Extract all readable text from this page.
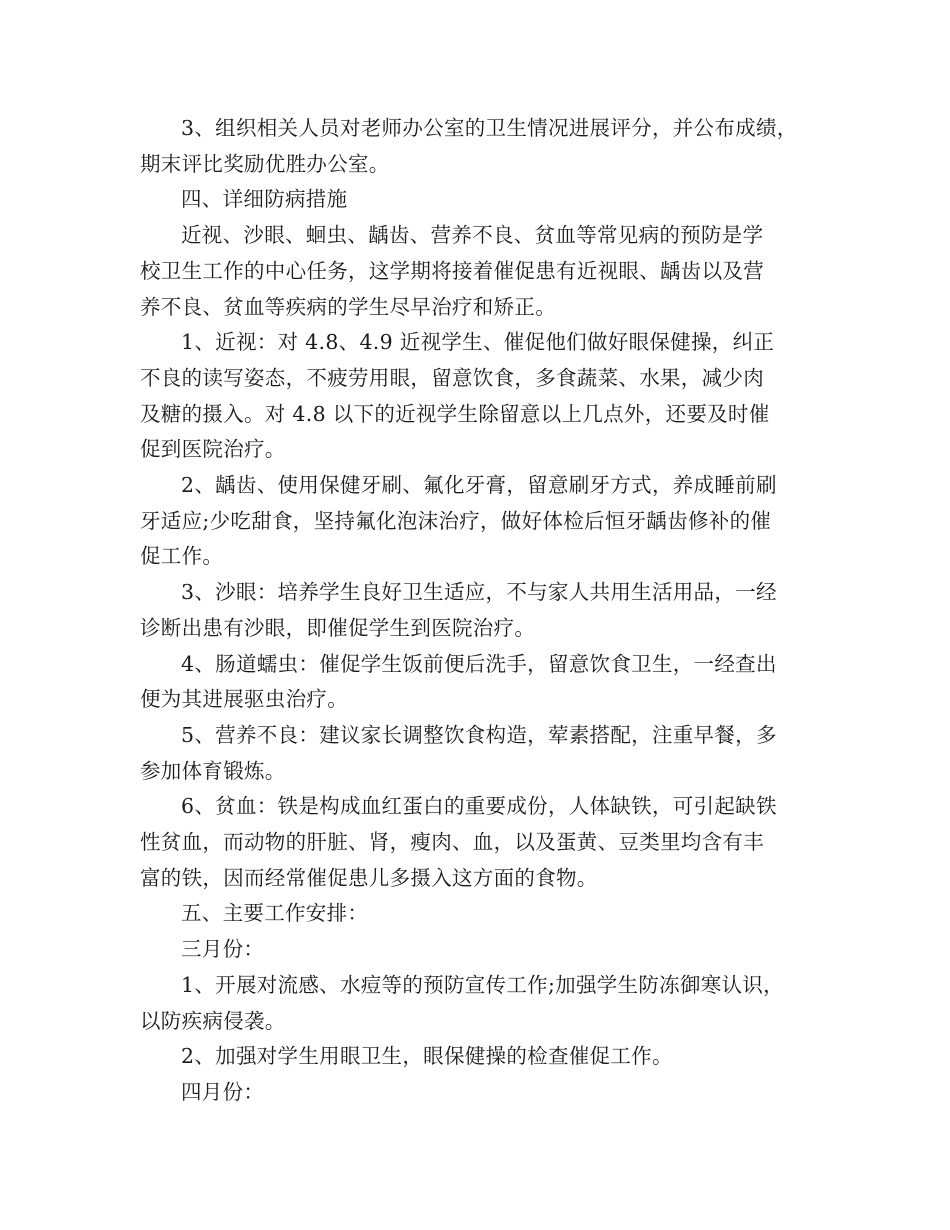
3、组织相关人员对老师办公室的卫生情况进展评分，并公布成绩，
期末评比奖励优胜办公室。

四、详细防病措施

近视、沙眼、蛔虫、龋齿、营养不良、贫血等常见病的预防是学
校卫生工作的中心任务，这学期将接着催促患有近视眼、龋齿以及营
养不良、贫血等疾病的学生尽早治疗和矫正。

1、近视：对 4.8、4.9 近视学生、催促他们做好眼保健操，纠正
不良的读写姿态，不疲劳用眼，留意饮食，多食蔬菜、水果，减少肉
及糖的摄入。对 4.8 以下的近视学生除留意以上几点外，还要及时催
促到医院治疗。

2、龋齿、使用保健牙刷、氟化牙膏，留意刷牙方式，养成睡前刷
牙适应;少吃甜食，坚持氟化泡沫治疗，做好体检后恒牙龋齿修补的催
促工作。

3、沙眼：培养学生良好卫生适应，不与家人共用生活用品，一经
诊断出患有沙眼，即催促学生到医院治疗。

4、肠道蠕虫：催促学生饭前便后洗手，留意饮食卫生，一经查出
便为其进展驱虫治疗。

5、营养不良：建议家长调整饮食构造，荤素搭配，注重早餐，多
参加体育锻炼。

6、贫血：铁是构成血红蛋白的重要成份，人体缺铁，可引起缺铁
性贫血，而动物的肝脏、肾，瘦肉、血，以及蛋黄、豆类里均含有丰
富的铁，因而经常催促患儿多摄入这方面的食物。

五、主要工作安排：

三月份：

1、开展对流感、水痘等的预防宣传工作;加强学生防冻御寒认识，
以防疾病侵袭。

2、加强对学生用眼卫生，眼保健操的检查催促工作。

四月份：
